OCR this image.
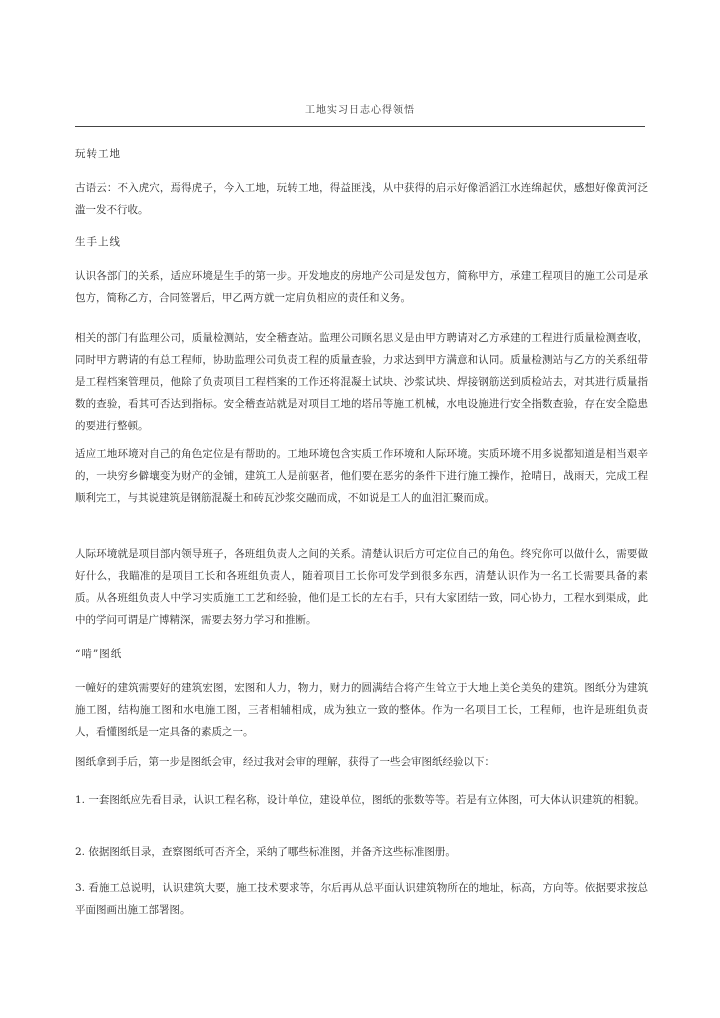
工地实习日志心得领悟
玩转工地
古语云：不入虎穴，焉得虎子，今入工地，玩转工地，得益匪浅，从中获得的启示好像滔滔江水连绵起伏，感想好像黄河泛滥一发不行收。
生手上线
认识各部门的关系，适应环境是生手的第一步。开发地皮的房地产公司是发包方，简称甲方，承建工程项目的施工公司是承包方，简称乙方，合同签署后，甲乙两方就一定肩负相应的责任和义务。
相关的部门有监理公司，质量检测站，安全稽查站。监理公司顾名思义是由甲方聘请对乙方承建的工程进行质量检测查收，同时甲方聘请的有总工程师，协助监理公司负责工程的质量查验，力求达到甲方满意和认同。质量检测站与乙方的关系纽带是工程档案管理员，他除了负责项目工程档案的工作还将混凝土试块、沙浆试块、焊接钢筋送到质检站去，对其进行质量指数的查验，看其可否达到指标。安全稽查站就是对项目工地的塔吊等施工机械，水电设施进行安全指数查验，存在安全隐患的要进行整顿。
适应工地环境对自己的角色定位是有帮助的。工地环境包含实质工作环境和人际环境。实质环境不用多说都知道是相当艰辛的，一块穷乡僻壤变为财产的金铺，建筑工人是前驱者，他们要在恶劣的条件下进行施工操作，抢晴日，战雨天，完成工程顺利完工，与其说建筑是钢筋混凝土和砖瓦沙浆交融而成，不如说是工人的血泪汇聚而成。
人际环境就是项目部内领导班子，各班组负责人之间的关系。清楚认识后方可定位自己的角色。终究你可以做什么，需要做好什么，我瞄准的是项目工长和各班组负责人，随着项目工长你可发学到很多东西，清楚认识作为一名工长需要具备的素质。从各班组负责人中学习实质施工工艺和经验，他们是工长的左右手，只有大家团结一致，同心协力，工程水到渠成，此中的学问可谓是广博精深，需要去努力学习和推断。
“啃”图纸
一幢好的建筑需要好的建筑宏图，宏图和人力，物力，财力的圆满结合将产生耸立于大地上美仑美奂的建筑。图纸分为建筑施工图，结构施工图和水电施工图，三者相辅相成，成为独立一致的整体。作为一名项目工长，工程师，也许是班组负责人，看懂图纸是一定具备的素质之一。
图纸拿到手后，第一步是图纸会审，经过我对会审的理解，获得了一些会审图纸经验以下：
1. 一套图纸应先看目录，认识工程名称，设计单位，建设单位，图纸的张数等等。若是有立体图，可大体认识建筑的相貌。
2. 依据图纸目录，查察图纸可否齐全，采纳了哪些标准图，并备齐这些标准图册。
3. 看施工总说明，认识建筑大要，施工技术要求等，尔后再从总平面认识建筑物所在的地址，标高，方向等。依据要求按总平面图画出施工部署图。
